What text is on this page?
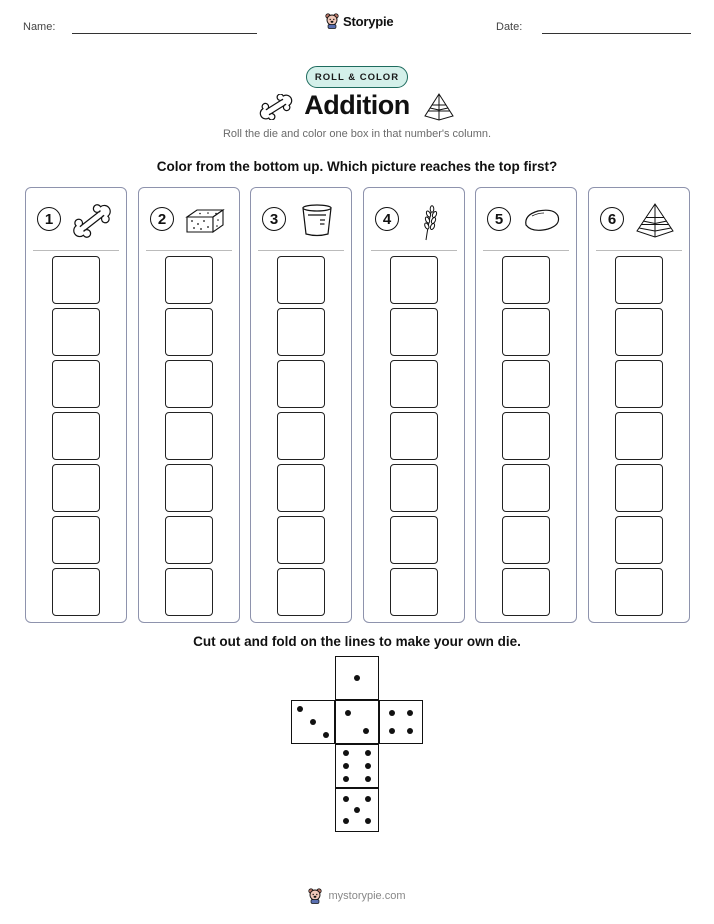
Name:	Storypie	Date:
ROLL & COLOR
Addition
Roll the die and color one box in that number's column.
Color from the bottom up. Which picture reaches the top first?
1	2	3	4	5	6
Cut out and fold on the lines to make your own die.
mystorypie.com
